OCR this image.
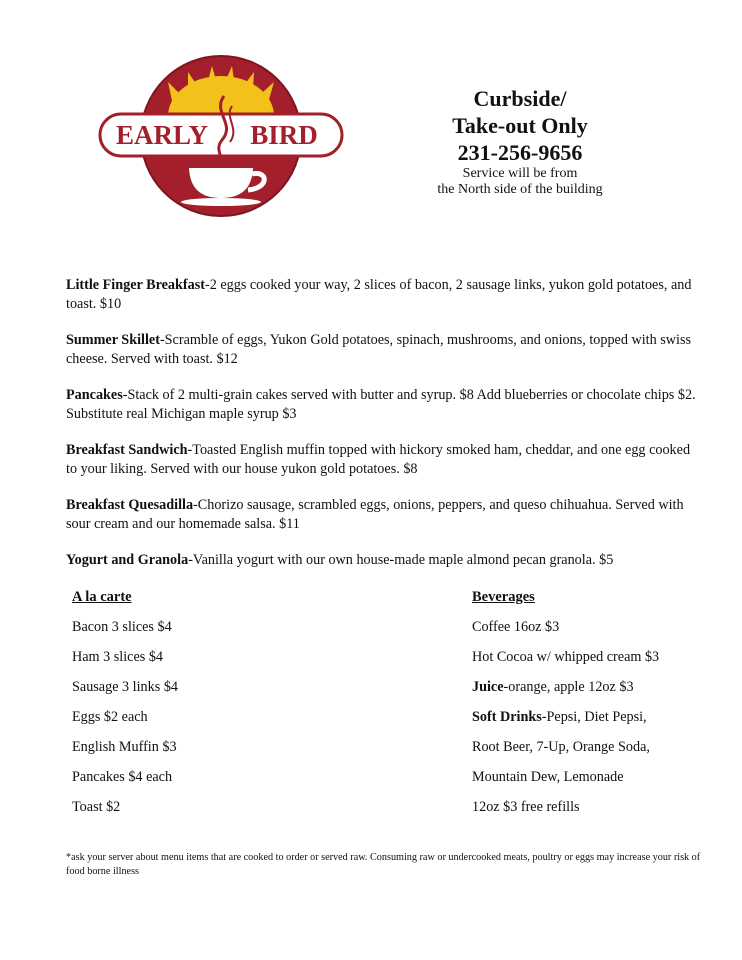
EARLY BIRD
Curbside/
Take-out Only
231-256-9656
Service will be from
the North side of the building

Little Finger Breakfast-2 eggs cooked your way, 2 slices of bacon, 2 sausage links, yukon gold potatoes, and toast. $10

Summer Skillet-Scramble of eggs, Yukon Gold potatoes, spinach, mushrooms, and onions, topped with swiss cheese. Served with toast. $12

Pancakes-Stack of 2 multi-grain cakes served with butter and syrup. $8 Add blueberries or chocolate chips $2. Substitute real Michigan maple syrup $3

Breakfast Sandwich-Toasted English muffin topped with hickory smoked ham, cheddar, and one egg cooked to your liking. Served with our house yukon gold potatoes. $8

Breakfast Quesadilla-Chorizo sausage, scrambled eggs, onions, peppers, and queso chihuahua. Served with sour cream and our homemade salsa. $11

Yogurt and Granola-Vanilla yogurt with our own house-made maple almond pecan granola. $5

A la carte
Bacon 3 slices $4
Ham 3 slices $4
Sausage 3 links $4
Eggs $2 each
English Muffin $3
Pancakes $4 each
Toast $2
Beverages
Coffee 16oz $3
Hot Cocoa w/ whipped cream $3
Juice-orange, apple 12oz $3
Soft Drinks-Pepsi, Diet Pepsi,
Root Beer, 7-Up, Orange Soda,
Mountain Dew, Lemonade
12oz $3 free refills
*ask your server about menu items that are cooked to order or served raw. Consuming raw or undercooked meats, poultry or eggs may increase your risk of food borne illness
